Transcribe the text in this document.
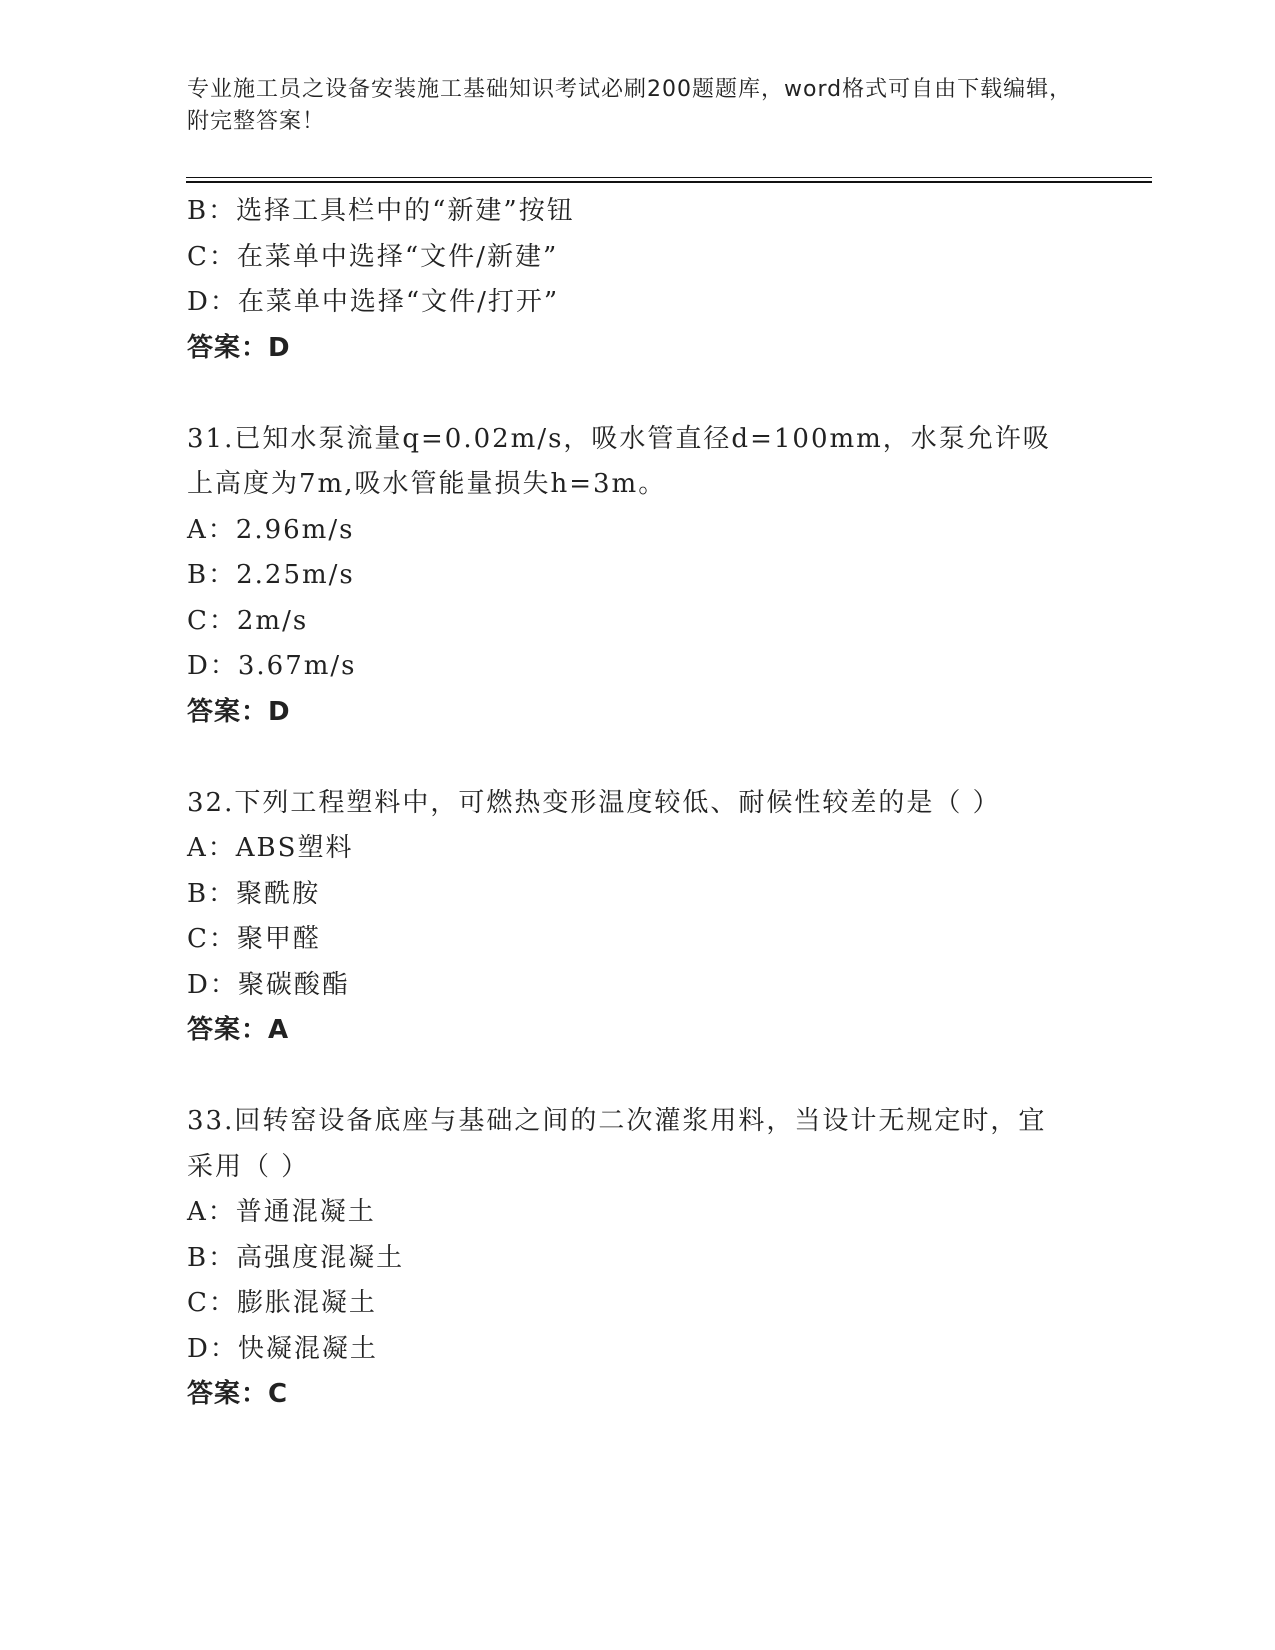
专业施工员之设备安装施工基础知识考试必刷200题题库，word格式可自由下载编辑，附完整答案！
B：选择工具栏中的“新建”按钮
C：在菜单中选择“文件/新建”
D：在菜单中选择“文件/打开”
答案：D
31.已知水泵流量q=0.02m/s，吸水管直径d=100mm，水泵允许吸上高度为7m,吸水管能量损失h=3m。
A：2.96m/s
B：2.25m/s
C：2m/s
D：3.67m/s
答案：D
32.下列工程塑料中，可燃热变形温度较低、耐候性较差的是（ ）
A：ABS塑料
B：聚酰胺
C：聚甲醛
D：聚碳酸酯
答案：A
33.回转窑设备底座与基础之间的二次灌浆用料，当设计无规定时，宜采用（ ）
A：普通混凝土
B：高强度混凝土
C：膨胀混凝土
D：快凝混凝土
答案：C
